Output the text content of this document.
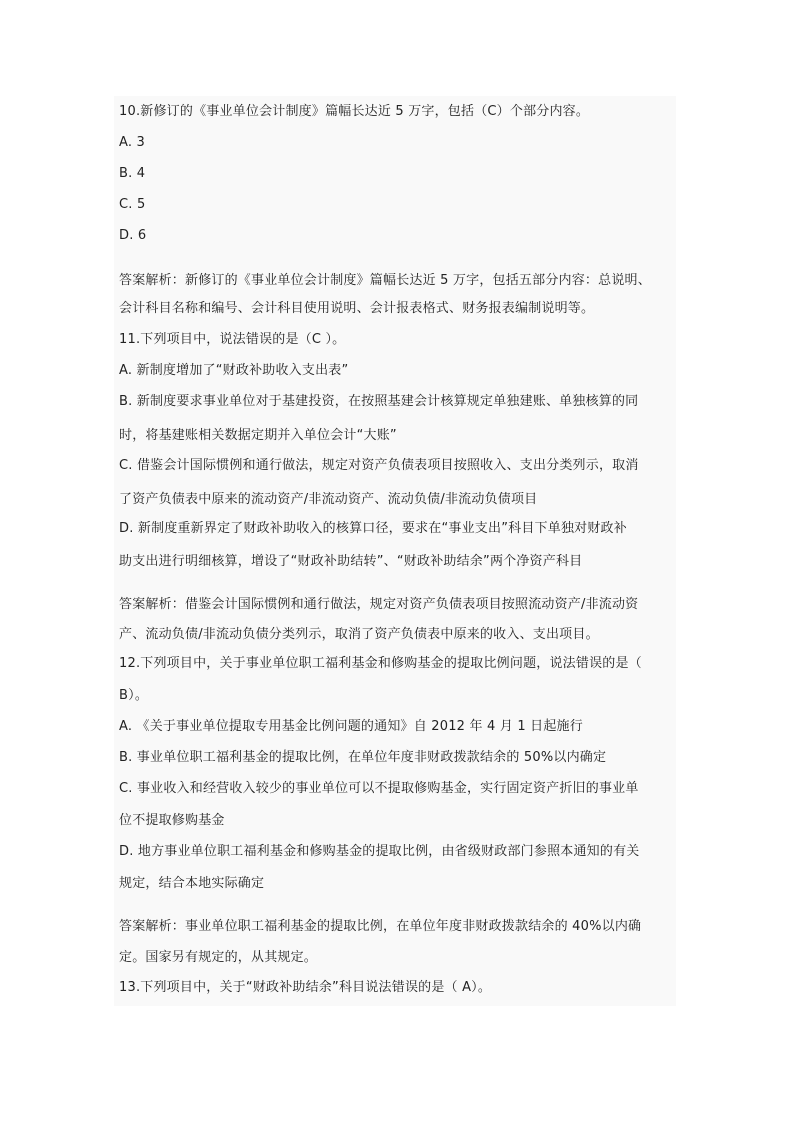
10.新修订的《事业单位会计制度》篇幅长达近 5 万字，包括（C）个部分内容。
A. 3
B. 4
C. 5
D. 6
答案解析：新修订的《事业单位会计制度》篇幅长达近 5 万字，包括五部分内容：总说明、
会计科目名称和编号、会计科目使用说明、会计报表格式、财务报表编制说明等。
11.下列项目中，说法错误的是（C ）。
A. 新制度增加了“财政补助收入支出表”
B. 新制度要求事业单位对于基建投资，在按照基建会计核算规定单独建账、单独核算的同
时，将基建账相关数据定期并入单位会计“大账”
C. 借鉴会计国际惯例和通行做法，规定对资产负债表项目按照收入、支出分类列示，取消
了资产负债表中原来的流动资产/非流动资产、流动负债/非流动负债项目
D. 新制度重新界定了财政补助收入的核算口径，要求在“事业支出”科目下单独对财政补
助支出进行明细核算，增设了“财政补助结转”、“财政补助结余”两个净资产科目
答案解析：借鉴会计国际惯例和通行做法，规定对资产负债表项目按照流动资产/非流动资
产、流动负债/非流动负债分类列示，取消了资产负债表中原来的收入、支出项目。
12.下列项目中，关于事业单位职工福利基金和修购基金的提取比例问题，说法错误的是（
B）。
A. 《关于事业单位提取专用基金比例问题的通知》自 2012 年 4 月 1 日起施行
B. 事业单位职工福利基金的提取比例，在单位年度非财政拨款结余的 50%以内确定
C. 事业收入和经营收入较少的事业单位可以不提取修购基金，实行固定资产折旧的事业单
位不提取修购基金
D. 地方事业单位职工福利基金和修购基金的提取比例，由省级财政部门参照本通知的有关
规定，结合本地实际确定
答案解析：事业单位职工福利基金的提取比例，在单位年度非财政拨款结余的 40%以内确
定。国家另有规定的，从其规定。
13.下列项目中，关于“财政补助结余”科目说法错误的是（ A）。
